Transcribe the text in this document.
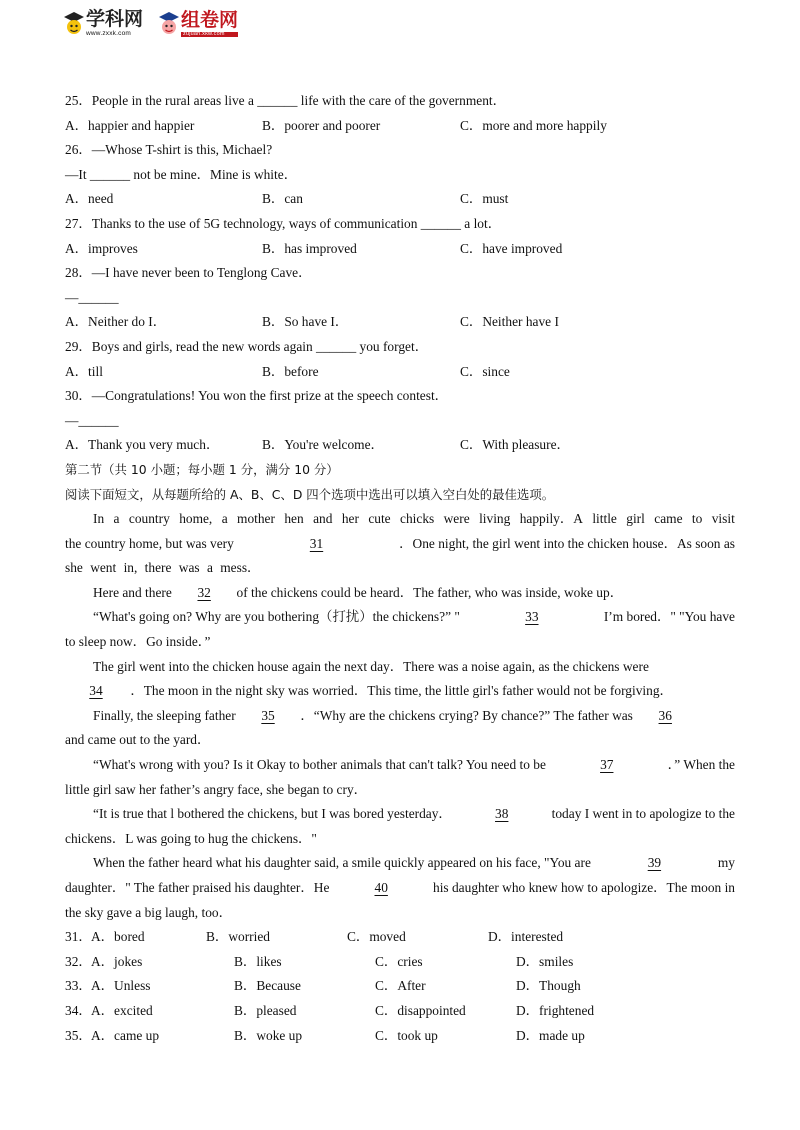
学科网
www.zxxk.com
组卷网
zujuan.xkw.com
25．People in the rural areas live a ______ life with the care of the government．
A．happier and happier	B．poorer and poorer	C．more and more happily
26．—Whose T-shirt is this, Michael?
—It ______ not be mine．Mine is white．
A．need	B．can	C．must
27．Thanks to the use of 5G technology, ways of communication ______ a lot．
A．improves	B．has improved	C．have improved
28．—I have never been to Tenglong Cave．
—______
A．Neither do I．	B．So have I．	C．Neither have I
29．Boys and girls, read the new words again ______ you forget．
A．till	B．before	C．since
30．—Congratulations! You won the first prize at the speech contest．
—______
A．Thank you very much．	B．You're welcome．	C．With pleasure．
第二节（共 10 小题；每小题 1 分，满分 10 分）
阅读下面短文，从每题所给的 A、B、C、D 四个选项中选出可以填入空白处的最佳选项。
In a country home, a mother hen and her cute chicks were living happily．A little girl came to visit
the country home, but was very	31	．One night, the girl went into the chicken house．As soon as
she went in, there was a mess．
Here and there 32 of the chickens could be heard．The father, who was inside, woke up．
“What's going on? Why are you bothering（打扰）the chickens?” "	33	I’m bored．" "You have
to sleep now．Go inside．”
The girl went into the chicken house again the next day．There was a noise again, as the chickens were
34 ．The moon in the night sky was worried．This time, the little girl's father would not be forgiving．
Finally, the sleeping father 35 ．“Why are the chickens crying? By chance?” The father was 36
and came out to the yard．
“What's wrong with you? Is it Okay to bother animals that can't talk? You need to be	37	．” When the
little girl saw her father’s angry face, she began to cry．
“It is true that l bothered the chickens, but I was bored yesterday．	38	today I went in to apologize to the
chickens．L was going to hug the chickens．"
When the father heard what his daughter said, a smile quickly appeared on his face, "You are	39	my
daughter．" The father praised his daughter．He	40	his daughter who knew how to apologize．The moon in
the sky gave a big laugh, too．
31． A．bored	B．worried	C．moved	D．interested
32． A．jokes	B．likes	C．cries	D．smiles
33． A．Unless	B．Because	C．After	D．Though
34． A．excited	B．pleased	C．disappointed	D．frightened
35． A．came up	B．woke up	C．took up	D．made up
